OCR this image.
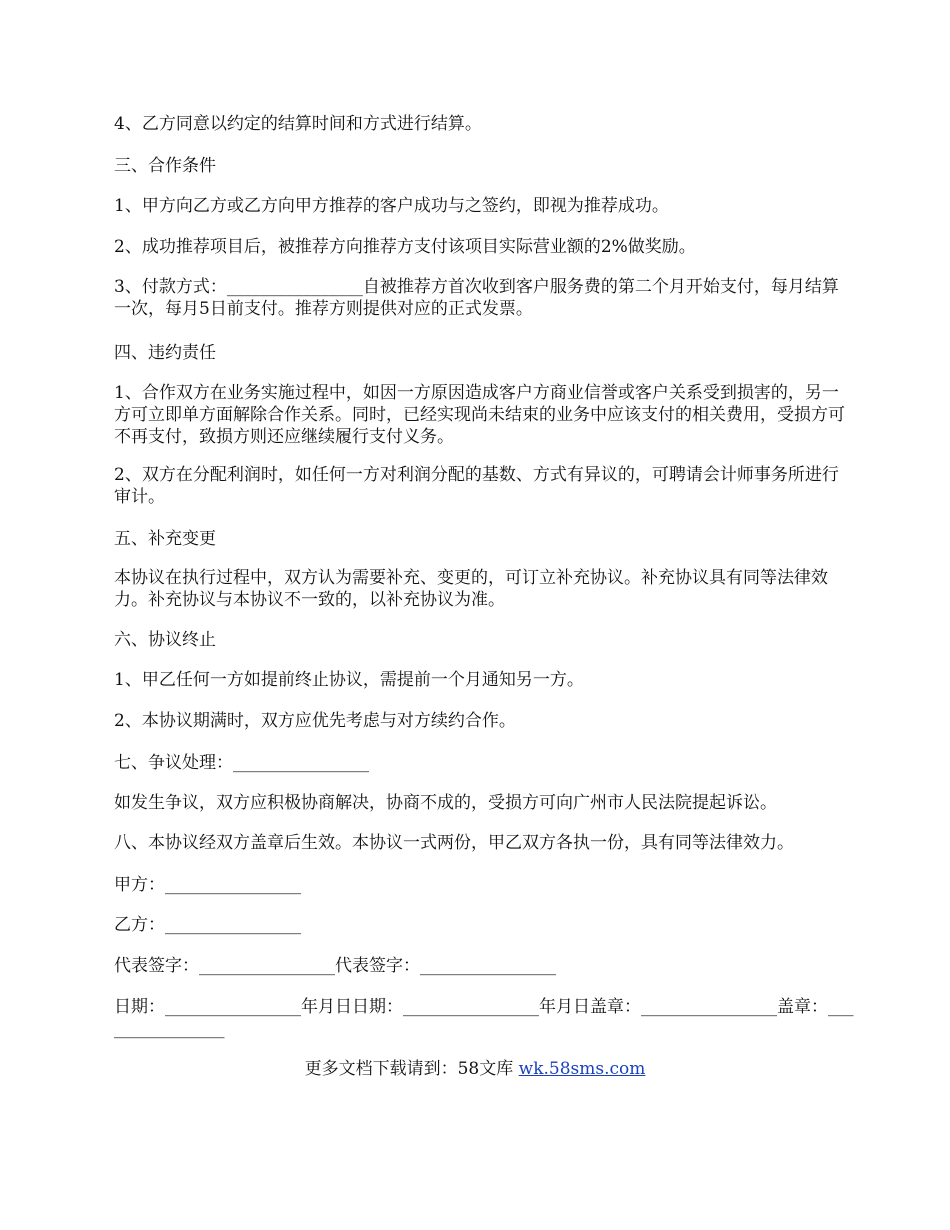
4、乙方同意以约定的结算时间和方式进行结算。

三、合作条件

1、甲方向乙方或乙方向甲方推荐的客户成功与之签约，即视为推荐成功。

2、成功推荐项目后，被推荐方向推荐方支付该项目实际营业额的2%做奖励。

3、付款方式：________________自被推荐方首次收到客户服务费的第二个月开始支付，每月结算一次，每月5日前支付。推荐方则提供对应的正式发票。

四、违约责任

1、合作双方在业务实施过程中，如因一方原因造成客户方商业信誉或客户关系受到损害的，另一方可立即单方面解除合作关系。同时，已经实现尚未结束的业务中应该支付的相关费用，受损方可不再支付，致损方则还应继续履行支付义务。

2、双方在分配利润时，如任何一方对利润分配的基数、方式有异议的，可聘请会计师事务所进行审计。

五、补充变更

本协议在执行过程中，双方认为需要补充、变更的，可订立补充协议。补充协议具有同等法律效力。补充协议与本协议不一致的，以补充协议为准。

六、协议终止

1、甲乙任何一方如提前终止协议，需提前一个月通知另一方。

2、本协议期满时，双方应优先考虑与对方续约合作。

七、争议处理：________________

如发生争议，双方应积极协商解决，协商不成的，受损方可向广州市人民法院提起诉讼。

八、本协议经双方盖章后生效。本协议一式两份，甲乙双方各执一份，具有同等法律效力。

甲方：________________

乙方：________________

代表签字：________________代表签字：________________

日期：________________年月日日期：________________年月日盖章：________________盖章：________________

更多文档下载请到：58文库 wk.58sms.com
